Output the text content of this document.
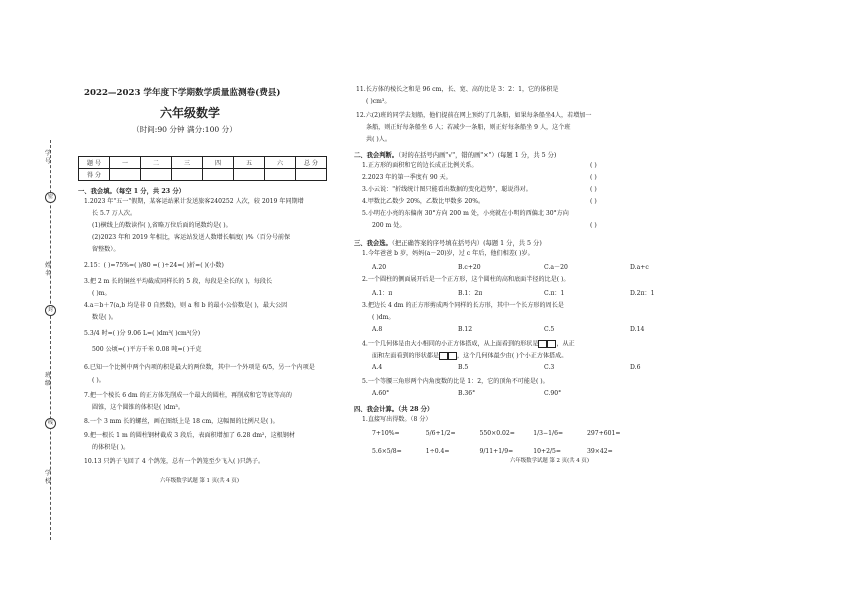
学号
姓名
班级
学校
密
封
线
2022—2023 学年度下学期数学质量监测卷(费县)
六年级数学
（时间:90 分钟 满分:100 分）
题 号	一	二	三	四	五	六	总 分
得 分							
一、我会填。（每空 1 分，共 23 分）
1.2023 年"五一"假期，某客运站累计发送旅客240252 人次，较 2019 年同期增
长 5.7 万人次。
(1)横线上的数读作( ),省略万位后面的尾数约是( )。
(2)2023 年和 2019 年相比，客运站发送人数增长幅度( )%（百分号前保
留整数）。
2.15：( )=75%=( )/80 =( )÷24=( )折=( )(小数)
3.把 2 m 长的铜丝平均截成同样长的 5 段，每段是全长的( )，每段长
( )m。
4.a＝b＋7(a,b 均是非 0 自然数)，则 a 和 b 的最小公倍数是( )，最大公因
数是( )。
5.3/4 时=( )分 9.06 L=( )dm³( )cm³(分)
500 公顷=( )平方千米 0.08 吨=( )千克
6.已知一个比例中两个内项的积是最大的两位数，其中一个外项是 6/5，另一个内项是
( )。
7.把一个棱长 6 dm 的正方体先削成一个最大的圆柱，再削成和它等底等高的
圆锥，这个圆锥的体积是( )dm³。
8.一个 3 mm 长的螺丝，画在图纸上是 18 cm，这幅图的比例尺是( )。
9.把一根长 1 m 的圆柱钢材截成 3 段后，表面积增加了 6.28 dm²，这根钢材
的体积是( )。
10.13 只鸽子飞回了 4 个鸽笼，总有一个鸽笼至少飞入( )只鸽子。
六年级数学试题 第 1 页(共 4 页)
11.长方体的棱长之和是 96 cm，长、宽、高的比是 3：2：1，它的体积是
( )cm³。
12.六(2)班的同学去划船，他们提前在网上预约了几条船，如果每条船坐4人，若增加一
条船，则正好每条船坐 6 人；若减少一条船，则正好每条船坐 9 人，这个班
共( )人。
二、我会判断。（对的在括号内画"√"，错的画"×"）(每题 1 分，共 5 分)
1.正方形的面积和它的边长成正比例关系。	( )
2.2023 年的第一季度有 90 天。	( )
3.小云说："折线统计图只能看出数据的变化趋势"，聪说得对。	( )
4.甲数比乙数少 20%，乙数比甲数多 20%。	( )
5.小明在小亮的东偏南 30°方向 200 m 处，小亮就在小明的西偏北 30°方向
200 m 处。	( )
三、我会选。（把正确答案的序号填在括号内）(每题 1 分，共 5 分)
1.今年爸爸 b 岁，妈妈(a－20)岁，过 c 年后，他们相差( )岁。
A.20	B.c+20	C.a－20	D.a+c
2.一个圆柱的侧面展开后是一个正方形，这个圆柱的高和底面半径的比是( )。
A.1：π	B.1：2π	C.π：1	D.2π：1
3.把边长 4 dm 的正方形剪成两个同样的长方形，其中一个长方形的周长是
( )dm。
A.8	B.12	C.5	D.14
4.一个几何体是由大小相同的小正方体搭成，从上面看到的形状是	，从正
面和左面看到的形状都是	，这个几何体最少由( )个小正方体搭成。
A.4	B.5	C.3	D.6
5.一个等腰三角形两个内角度数的比是 1：2，它的顶角不可能是( )。
A.60°	B.36°	C.90°
四、我会计算。（共 28 分）
1.直接写出得数。（8 分）
7+10%=	5/6+1/2=	550×0.02=	1/3−1/6=	297+601=
5.6×5/8=	1÷0.4=	9/11+1/9=	10+2/5=	39×42=
六年级数学试题 第 2 页(共 4 页)
